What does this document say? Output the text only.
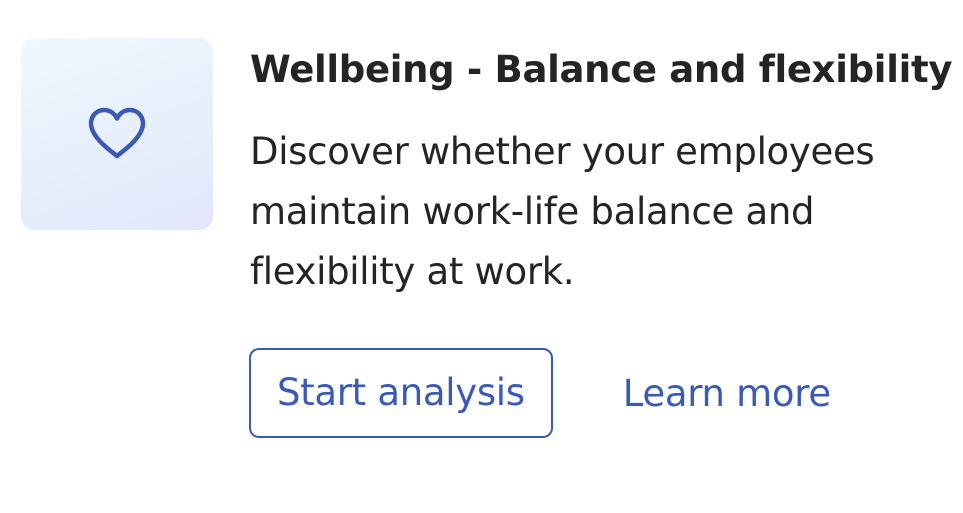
Wellbeing - Balance and flexibility

Discover whether your employees maintain work-life balance and flexibility at work.

Start analysis	Learn more
